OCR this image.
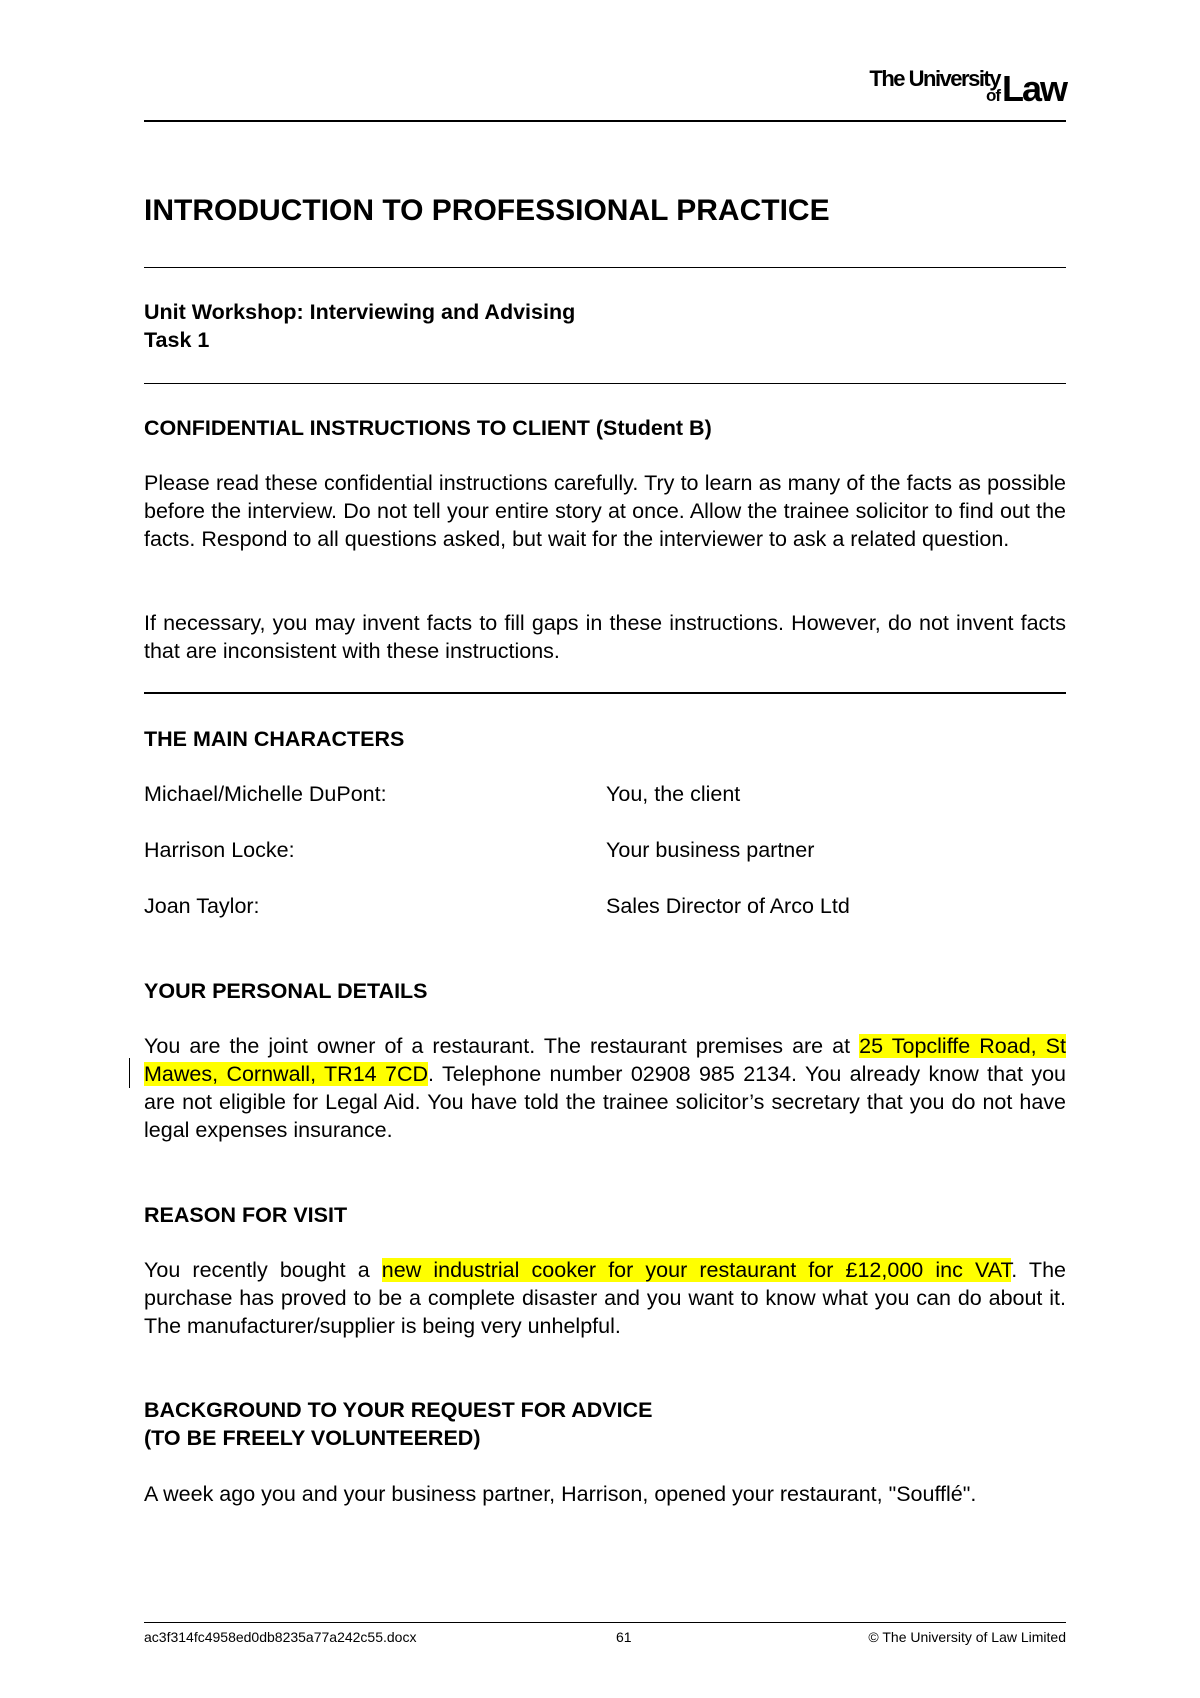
The University
of Law
INTRODUCTION TO PROFESSIONAL PRACTICE
Unit Workshop: Interviewing and Advising
Task 1
CONFIDENTIAL INSTRUCTIONS TO CLIENT (Student B)
Please read these confidential instructions carefully. Try to learn as many of the facts as possible before the interview. Do not tell your entire story at once. Allow the trainee solicitor to find out the facts. Respond to all questions asked, but wait for the interviewer to ask a related question.
If necessary, you may invent facts to fill gaps in these instructions. However, do not invent facts that are inconsistent with these instructions.
THE MAIN CHARACTERS
Michael/Michelle DuPont:	You, the client
Harrison Locke:	Your business partner
Joan Taylor:	Sales Director of Arco Ltd
YOUR PERSONAL DETAILS
You are the joint owner of a restaurant. The restaurant premises are at 25 Topcliffe Road, St Mawes, Cornwall, TR14 7CD. Telephone number 02908 985 2134. You already know that you are not eligible for Legal Aid. You have told the trainee solicitor’s secretary that you do not have legal expenses insurance.
REASON FOR VISIT
You recently bought a new industrial cooker for your restaurant for £12,000 inc VAT. The purchase has proved to be a complete disaster and you want to know what you can do about it. The manufacturer/supplier is being very unhelpful.
BACKGROUND TO YOUR REQUEST FOR ADVICE
(TO BE FREELY VOLUNTEERED)
A week ago you and your business partner, Harrison, opened your restaurant, "Soufflé".
ac3f314fc4958ed0db8235a77a242c55.docx	61	© The University of Law Limited
